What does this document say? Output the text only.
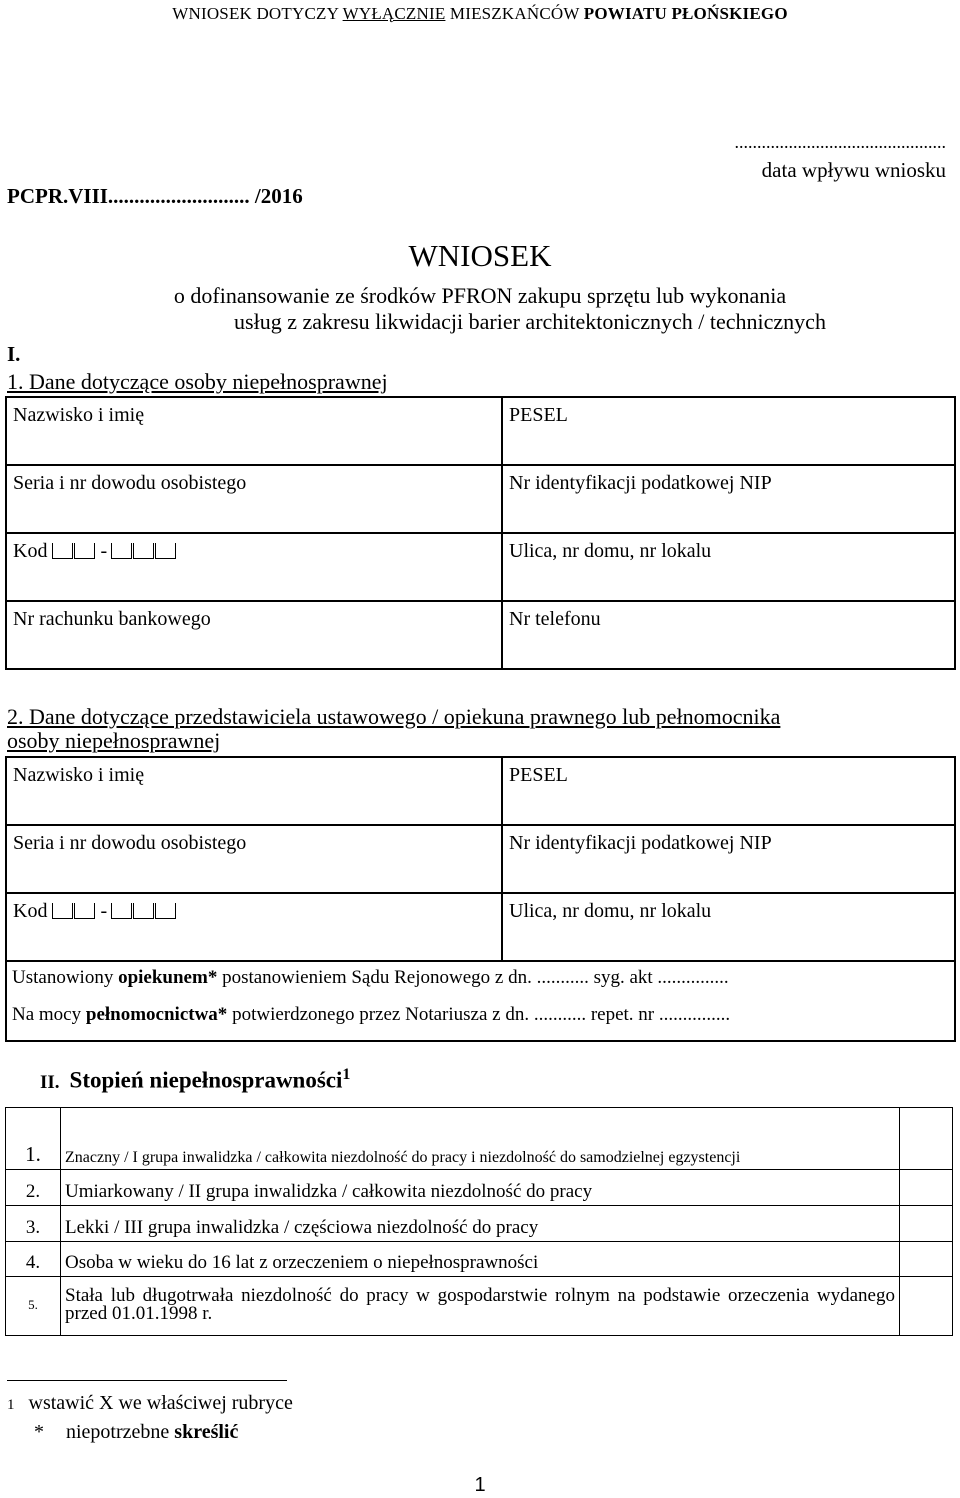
WNIOSEK DOTYCZY WYŁĄCZNIE MIESZKAŃCÓW POWIATU PŁOŃSKIEGO
...............................................
data wpływu wniosku
PCPR.VIII........................... /2016
WNIOSEK
o dofinansowanie ze środków PFRON zakupu sprzętu lub wykonania
usług z zakresu likwidacji barier architektonicznych / technicznych
I.
1. Dane dotyczące osoby niepełnosprawnej
Nazwisko i imię	PESEL
Seria i nr dowodu osobistego	Nr identyfikacji podatkowej NIP
Kod -	Ulica, nr domu, nr lokalu
Nr rachunku bankowego	Nr telefonu
2. Dane dotyczące przedstawiciela ustawowego / opiekuna prawnego lub pełnomocnika
osoby niepełnosprawnej
Nazwisko i imię	PESEL
Seria i nr dowodu osobistego	Nr identyfikacji podatkowej NIP
Kod -	Ulica, nr domu, nr lokalu

Ustanowiony opiekunem* postanowieniem Sądu Rejonowego z dn. ........... syg. akt ...............
Na mocy pełnomocnictwa* potwierdzonego przez Notariusza z dn. ........... repet. nr ...............
II. Stopień niepełnosprawności$^1$
1.	Znaczny / I grupa inwalidzka / całkowita niezdolność do pracy i niezdolność do samodzielnej egzystencji	
2.	Umiarkowany / II grupa inwalidzka / całkowita niezdolność do pracy	
3.	Lekki / III grupa inwalidzka / częściowa niezdolność do pracy	
4.	Osoba w wieku do 16 lat z orzeczeniem o niepełnosprawności	
5.	Stała lub długotrwała niezdolność do pracy w gospodarstwie rolnym na podstawie orzeczenia wydanego przed 01.01.1998 r.	
1 wstawić X we właściwej rubryce
* niepotrzebne skreślić
1
